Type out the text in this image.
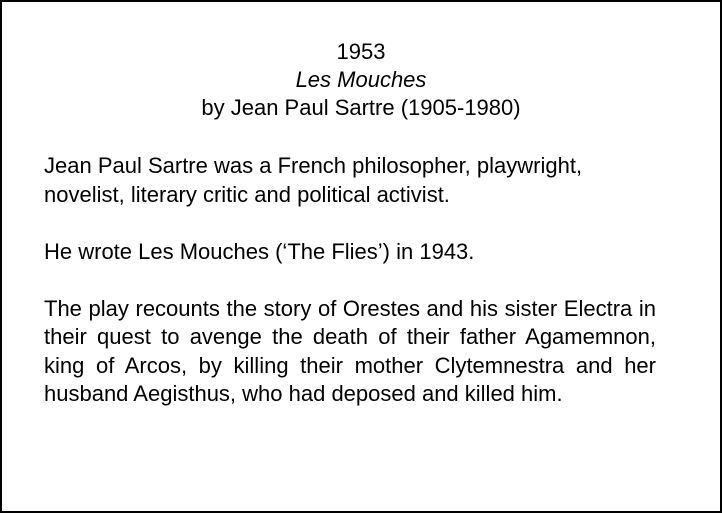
1953
Les Mouches
by Jean Paul Sartre (1905-1980)

Jean Paul Sartre was a French philosopher, playwright, novelist, literary critic and political activist.

He wrote Les Mouches (‘The Flies’) in 1943.

The play recounts the story of Orestes and his sister Electra in their quest to avenge the death of their father Agamemnon, king of Arcos, by killing their mother Clytemnestra and her husband Aegisthus, who had deposed and killed him.
